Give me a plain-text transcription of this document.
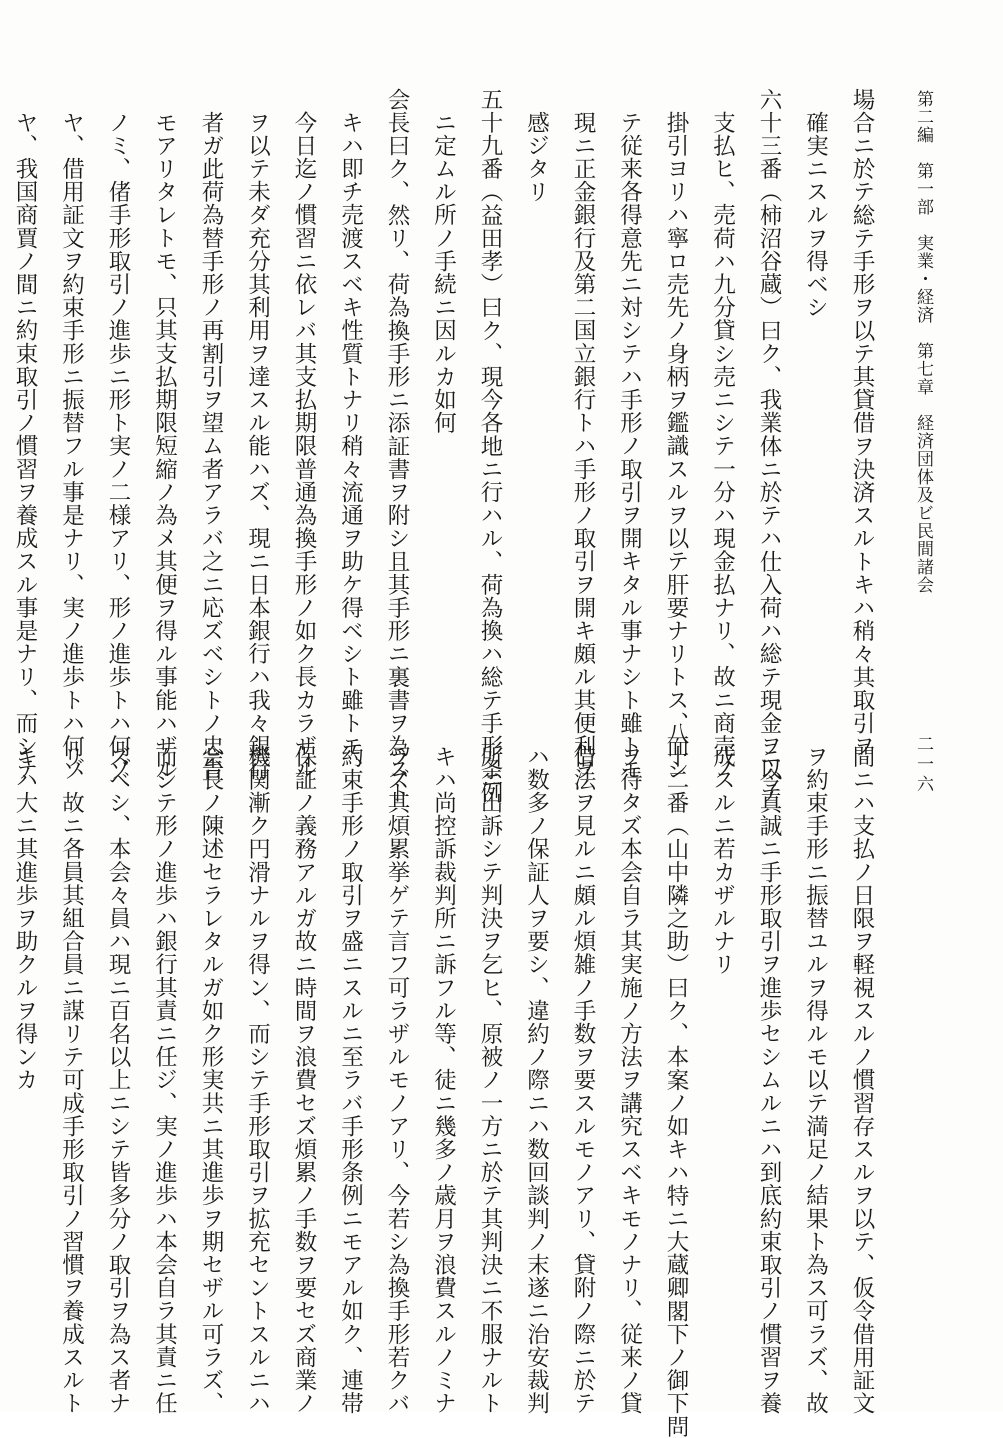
第二編　第一部　実業・経済　第七章　経済団体及ビ民間諸会
二一六

場合ニ於テ総テ手形ヲ以テ其貸借ヲ決済スルトキハ稍々其取引ヲ

確実ニスルヲ得ベシ

六十三番（柿沼谷蔵）曰ク、我業体ニ於テハ仕入荷ハ総テ現金ヲ以テ

支払ヒ、売荷ハ九分貸シ売ニシテ一分ハ現金払ナリ、故ニ商売ノ

掛引ヨリハ寧ロ売先ノ身柄ヲ鑑識スルヲ以テ肝要ナリトス、而シ

テ従来各得意先ニ対シテハ手形ノ取引ヲ開キタル事ナシト雖トモ

現ニ正金銀行及第二国立銀行トハ手形ノ取引ヲ開キ頗ル其便利ヲ

感ジタリ

五十九番（益田孝）曰ク、現今各地ニ行ハル、荷為換ハ総テ手形条例

ニ定ムル所ノ手続ニ因ルカ如何

会長曰ク、然リ、荷為換手形ニ添証書ヲ附シ且其手形ニ裏書ヲ為スト

キハ即チ売渡スベキ性質トナリ稍々流通ヲ助ケ得ベシト雖トモ、

今日迄ノ慣習ニ依レバ其支払期限普通為換手形ノ如ク長カラザル

ヲ以テ未ダ充分其利用ヲ達スル能ハズ、現ニ日本銀行ハ我々銀行

者ガ此荷為替手形ノ再割引ヲ望ム者アラバ之ニ応ズベシトノ忠告

モアリタレトモ、只其支払期限短縮ノ為メ其便ヲ得ル事能ハザル

ノミ、偖手形取引ノ進歩ニ形ト実ノ二様アリ、形ノ進歩トハ何ゾ

ヤ、借用証文ヲ約束手形ニ振替フル事是ナリ、実ノ進歩トハ何ゾ

ヤ、我国商賈ノ間ニ約束取引ノ慣習ヲ養成スル事是ナリ、而シテ

間ニハ支払ノ日限ヲ軽視スルノ慣習存スルヲ以テ、仮令借用証文

ヲ約束手形ニ振替ユルヲ得ルモ以テ満足ノ結果ト為ス可ラズ、故

ニ今真誠ニ手形取引ヲ進歩セシムルニハ到底約束取引ノ慣習ヲ養

成スルニ若カザルナリ

八十二番（山中隣之助）曰ク、本案ノ如キハ特ニ大蔵卿閣下ノ御下問

ヲ待タズ本会自ラ其実施ノ方法ヲ講究スベキモノナリ、従来ノ貸

借法ヲ見ルニ頗ル煩雑ノ手数ヲ要スルモノアリ、貸附ノ際ニ於テ

ハ数多ノ保証人ヲ要シ、違約ノ際ニハ数回談判ノ末遂ニ治安裁判

所ニ出訴シテ判決ヲ乞ヒ、原被ノ一方ニ於テ其判決ニ不服ナルト

キハ尚控訴裁判所ニ訴フル等、徒ニ幾多ノ歳月ヲ浪費スルノミナ

ラズ其煩累挙ゲテ言フ可ラザルモノアリ、今若シ為換手形若クバ

約束手形ノ取引ヲ盛ニスルニ至ラバ手形条例ニモアル如ク、連帯

保証ノ義務アルガ故ニ時間ヲ浪費セズ煩累ノ手数ヲ要セズ商業ノ

機関漸ク円滑ナルヲ得ン、而シテ手形取引ヲ拡充セントスルニハ

会長ノ陳述セラレタルガ如ク形実共ニ其進歩ヲ期セザル可ラズ、

而シテ形ノ進歩ハ銀行其責ニ任ジ、実ノ進歩ハ本会自ラ其責ニ任

ズベシ、本会々員ハ現ニ百名以上ニシテ皆多分ノ取引ヲ為ス者ナ

リ、故ニ各員其組合員ニ謀リテ可成手形取引ノ習慣ヲ養成スルト

キハ大ニ其進歩ヲ助クルヲ得ンカ
